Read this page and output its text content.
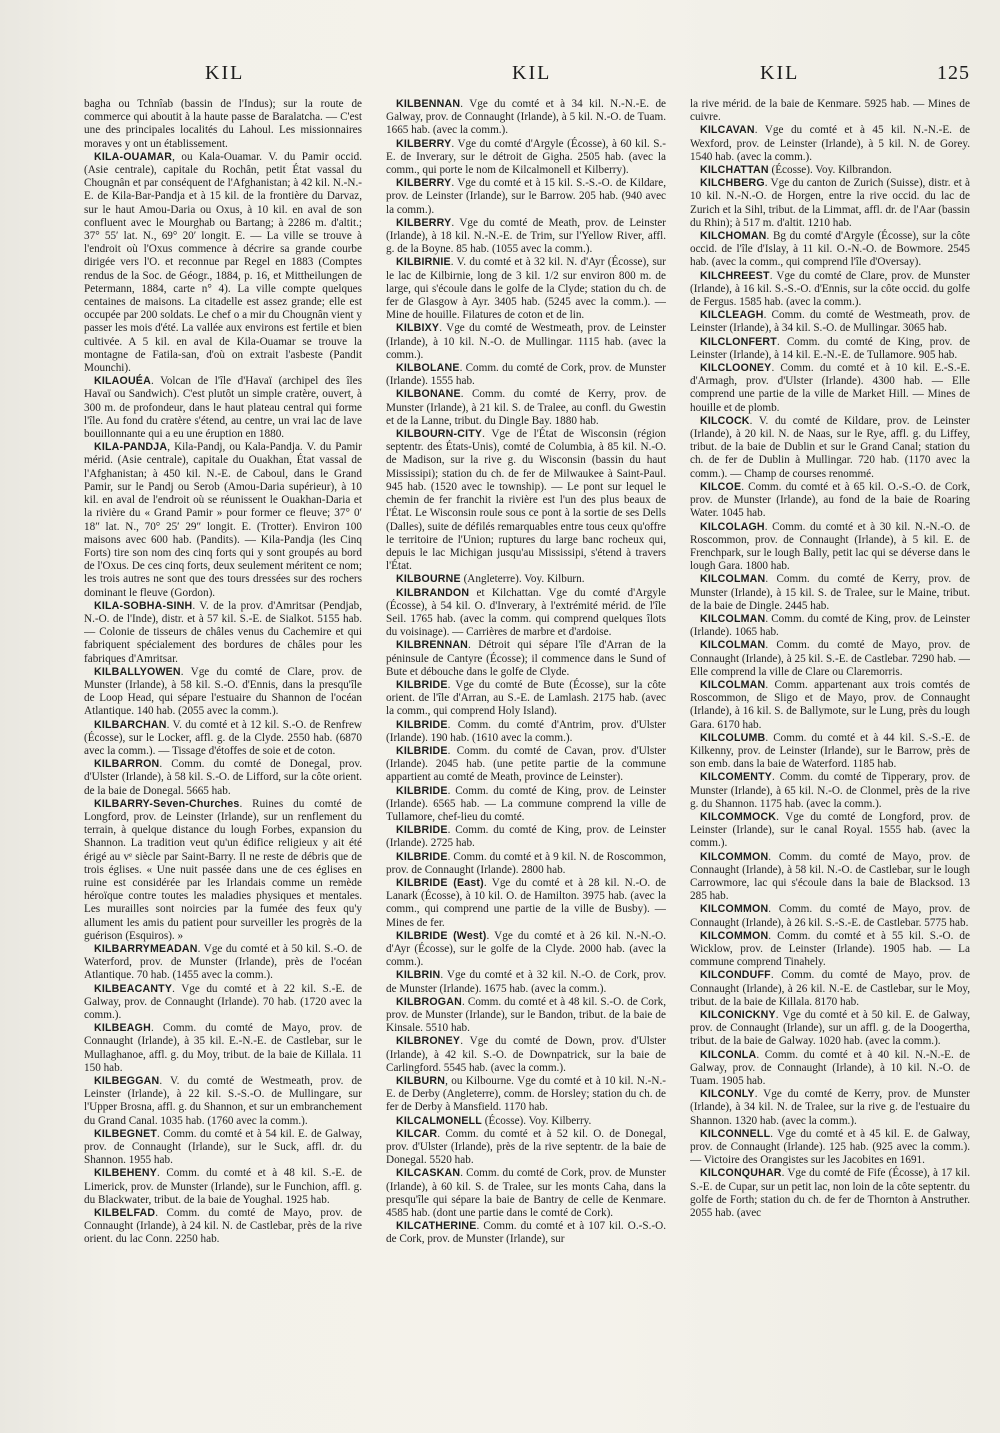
KIL	KIL	KIL	125

bagha ou Tchnîab (bassin de l'Indus); sur la route de commerce qui aboutit à la haute passe de Baralatcha. — C'est une des principales localités du Lahoul. Les missionnaires moraves y ont un établissement.

KILA-OUAMAR, ou Kala-Ouamar. V. du Pamir occid. (Asie centrale), capitale du Rochân, petit État vassal du Chougnân et par conséquent de l'Afghanistan; à 42 kil. N.-N.-E. de Kila-Bar-Pandja et à 15 kil. de la frontière du Darvaz, sur le haut Amou-Daria ou Oxus, à 10 kil. en aval de son confluent avec le Mourghab ou Bartang; à 2286 m. d'altit.; 37° 55′ lat. N., 69° 20′ longit. E. — La ville se trouve à l'endroit où l'Oxus commence à décrire sa grande courbe dirigée vers l'O. et reconnue par Regel en 1883 (Comptes rendus de la Soc. de Géogr., 1884, p. 16, et Mittheilungen de Petermann, 1884, carte n° 4). La ville compte quelques centaines de maisons. La citadelle est assez grande; elle est occupée par 200 soldats. Le chef o a mir du Chougnân vient y passer les mois d'été. La vallée aux environs est fertile et bien cultivée. A 5 kil. en aval de Kila-Ouamar se trouve la montagne de Fatila-san, d'où on extrait l'asbeste (Pandit Mounchi).

KILAOUÉA. Volcan de l'île d'Havaï (archipel des îles Havaï ou Sandwich). C'est plutôt un simple cratère, ouvert, à 300 m. de profondeur, dans le haut plateau central qui forme l'île. Au fond du cratère s'étend, au centre, un vrai lac de lave bouillonnante qui a eu une éruption en 1880.

KILA-PANDJA, Kila-Pandj, ou Kala-Pandja. V. du Pamir mérid. (Asie centrale), capitale du Ouakhan, État vassal de l'Afghanistan; à 450 kil. N.-E. de Caboul, dans le Grand Pamir, sur le Pandj ou Serob (Amou-Daria supérieur), à 10 kil. en aval de l'endroit où se réunissent le Ouakhan-Daria et la rivière du « Grand Pamir » pour former ce fleuve; 37° 0′ 18″ lat. N., 70° 25′ 29″ longit. E. (Trotter). Environ 100 maisons avec 600 hab. (Pandits). — Kila-Pandja (les Cinq Forts) tire son nom des cinq forts qui y sont groupés au bord de l'Oxus. De ces cinq forts, deux seulement méritent ce nom; les trois autres ne sont que des tours dressées sur des rochers dominant le fleuve (Gordon).

KILA-SOBHA-SINH. V. de la prov. d'Amritsar (Pendjab, N.-O. de l'Inde), distr. et à 57 kil. S.-E. de Sialkot. 5155 hab. — Colonie de tisseurs de châles venus du Cachemire et qui fabriquent spécialement des bordures de châles pour les fabriques d'Amritsar.

KILBALLYOWEN. Vge du comté de Clare, prov. de Munster (Irlande), à 58 kil. S.-O. d'Ennis, dans la presqu'île de Loop Head, qui sépare l'estuaire du Shannon de l'océan Atlantique. 140 hab. (2055 avec la comm.).

KILBARCHAN. V. du comté et à 12 kil. S.-O. de Renfrew (Écosse), sur le Locker, affl. g. de la Clyde. 2550 hab. (6870 avec la comm.). — Tissage d'étoffes de soie et de coton.

KILBARRON. Comm. du comté de Donegal, prov. d'Ulster (Irlande), à 58 kil. S.-O. de Lifford, sur la côte orient. de la baie de Donegal. 5665 hab.

KILBARRY-Seven-Churches. Ruines du comté de Longford, prov. de Leinster (Irlande), sur un renflement du terrain, à quelque distance du lough Forbes, expansion du Shannon. La tradition veut qu'un édifice religieux y ait été érigé au vᵉ siècle par Saint-Barry. Il ne reste de débris que de trois églises. « Une nuit passée dans une de ces églises en ruine est considérée par les Irlandais comme un remède héroïque contre toutes les maladies physiques et mentales. Les murailles sont noircies par la fumée des feux qu'y allument les amis du patient pour surveiller les progrès de la guérison (Esquiros). »

KILBARRYMEADAN. Vge du comté et à 50 kil. S.-O. de Waterford, prov. de Munster (Irlande), près de l'océan Atlantique. 70 hab. (1455 avec la comm.).

KILBEACANTY. Vge du comté et à 22 kil. S.-E. de Galway, prov. de Connaught (Irlande). 70 hab. (1720 avec la comm.).

KILBEAGH. Comm. du comté de Mayo, prov. de Connaught (Irlande), à 35 kil. E.-N.-E. de Castlebar, sur le Mullaghanoe, affl. g. du Moy, tribut. de la baie de Killala. 11 150 hab.

KILBEGGAN. V. du comté de Westmeath, prov. de Leinster (Irlande), à 22 kil. S.-S.-O. de Mullingare, sur l'Upper Brosna, affl. g. du Shannon, et sur un embranchement du Grand Canal. 1035 hab. (1760 avec la comm.).

KILBEGNET. Comm. du comté et à 54 kil. E. de Galway, prov. de Connaught (Irlande), sur le Suck, affl. dr. du Shannon. 1955 hab.

KILBEHENY. Comm. du comté et à 48 kil. S.-E. de Limerick, prov. de Munster (Irlande), sur le Funchion, affl. g. du Blackwater, tribut. de la baie de Youghal. 1925 hab.

KILBELFAD. Comm. du comté de Mayo, prov. de Connaught (Irlande), à 24 kil. N. de Castlebar, près de la rive orient. du lac Conn. 2250 hab.

KILBENNAN. Vge du comté et à 34 kil. N.-N.-E. de Galway, prov. de Connaught (Irlande), à 5 kil. N.-O. de Tuam. 1665 hab. (avec la comm.).

KILBERRY. Vge du comté d'Argyle (Écosse), à 60 kil. S.-E. de Inverary, sur le détroit de Gigha. 2505 hab. (avec la comm., qui porte le nom de Kilcalmonell et Kilberry).

KILBERRY. Vge du comté et à 15 kil. S.-S.-O. de Kildare, prov. de Leinster (Irlande), sur le Barrow. 205 hab. (940 avec la comm.).

KILBERRY. Vge du comté de Meath, prov. de Leinster (Irlande), à 18 kil. N.-N.-E. de Trim, sur l'Yellow River, affl. g. de la Boyne. 85 hab. (1055 avec la comm.).

KILBIRNIE. V. du comté et à 32 kil. N. d'Ayr (Écosse), sur le lac de Kilbirnie, long de 3 kil. 1/2 sur environ 800 m. de large, qui s'écoule dans le golfe de la Clyde; station du ch. de fer de Glasgow à Ayr. 3405 hab. (5245 avec la comm.). — Mine de houille. Filatures de coton et de lin.

KILBIXY. Vge du comté de Westmeath, prov. de Leinster (Irlande), à 10 kil. N.-O. de Mullingar. 1115 hab. (avec la comm.).

KILBOLANE. Comm. du comté de Cork, prov. de Munster (Irlande). 1555 hab.

KILBONANE. Comm. du comté de Kerry, prov. de Munster (Irlande), à 21 kil. S. de Tralee, au confl. du Gwestin et de la Lanne, tribut. du Dingle Bay. 1880 hab.

KILBOURN-CITY. Vge de l'État de Wisconsin (région septentr. des États-Unis), comté de Columbia, à 85 kil. N.-O. de Madison, sur la rive g. du Wisconsin (bassin du haut Mississipi); station du ch. de fer de Milwaukee à Saint-Paul. 945 hab. (1520 avec le township). — Le pont sur lequel le chemin de fer franchit la rivière est l'un des plus beaux de l'État. Le Wisconsin roule sous ce pont à la sortie de ses Dells (Dalles), suite de défilés remarquables entre tous ceux qu'offre le territoire de l'Union; ruptures du large banc rocheux qui, depuis le lac Michigan jusqu'au Mississipi, s'étend à travers l'État.

KILBOURNE (Angleterre). Voy. Kilburn.

KILBRANDON et Kilchattan. Vge du comté d'Argyle (Écosse), à 54 kil. O. d'Inverary, à l'extrémité mérid. de l'île Seil. 1765 hab. (avec la comm. qui comprend quelques îlots du voisinage). — Carrières de marbre et d'ardoise.

KILBRENNAN. Détroit qui sépare l'île d'Arran de la péninsule de Cantyre (Écosse); il commence dans le Sund of Bute et débouche dans le golfe de Clyde.

KILBRIDE. Vge du comté de Bute (Écosse), sur la côte orient. de l'île d'Arran, au S.-E. de Lamlash. 2175 hab. (avec la comm., qui comprend Holy Island).

KILBRIDE. Comm. du comté d'Antrim, prov. d'Ulster (Irlande). 190 hab. (1610 avec la comm.).

KILBRIDE. Comm. du comté de Cavan, prov. d'Ulster (Irlande). 2045 hab. (une petite partie de la commune appartient au comté de Meath, province de Leinster).

KILBRIDE. Comm. du comté de King, prov. de Leinster (Irlande). 6565 hab. — La commune comprend la ville de Tullamore, chef-lieu du comté.

KILBRIDE. Comm. du comté de King, prov. de Leinster (Irlande). 2725 hab.

KILBRIDE. Comm. du comté et à 9 kil. N. de Roscommon, prov. de Connaught (Irlande). 2800 hab.

KILBRIDE (East). Vge du comté et à 28 kil. N.-O. de Lanark (Écosse), à 10 kil. O. de Hamilton. 3975 hab. (avec la comm., qui comprend une partie de la ville de Busby). — Mines de fer.

KILBRIDE (West). Vge du comté et à 26 kil. N.-N.-O. d'Ayr (Écosse), sur le golfe de la Clyde. 2000 hab. (avec la comm.).

KILBRIN. Vge du comté et à 32 kil. N.-O. de Cork, prov. de Munster (Irlande). 1675 hab. (avec la comm.).

KILBROGAN. Comm. du comté et à 48 kil. S.-O. de Cork, prov. de Munster (Irlande), sur le Bandon, tribut. de la baie de Kinsale. 5510 hab.

KILBRONEY. Vge du comté de Down, prov. d'Ulster (Irlande), à 42 kil. S.-O. de Downpatrick, sur la baie de Carlingford. 5545 hab. (avec la comm.).

KILBURN, ou Kilbourne. Vge du comté et à 10 kil. N.-N.-E. de Derby (Angleterre), comm. de Horsley; station du ch. de fer de Derby à Mansfield. 1170 hab.

KILCALMONELL (Écosse). Voy. Kilberry.

KILCAR. Comm. du comté et à 52 kil. O. de Donegal, prov. d'Ulster (Irlande), près de la rive septentr. de la baie de Donegal. 5520 hab.

KILCASKAN. Comm. du comté de Cork, prov. de Munster (Irlande), à 60 kil. S. de Tralee, sur les monts Caha, dans la presqu'île qui sépare la baie de Bantry de celle de Kenmare. 4585 hab. (dont une partie dans le comté de Cork).

KILCATHERINE. Comm. du comté et à 107 kil. O.-S.-O. de Cork, prov. de Munster (Irlande), sur

la rive mérid. de la baie de Kenmare. 5925 hab. — Mines de cuivre.

KILCAVAN. Vge du comté et à 45 kil. N.-N.-E. de Wexford, prov. de Leinster (Irlande), à 5 kil. N. de Gorey. 1540 hab. (avec la comm.).

KILCHATTAN (Écosse). Voy. Kilbrandon.

KILCHBERG. Vge du canton de Zurich (Suisse), distr. et à 10 kil. N.-N.-O. de Horgen, entre la rive occid. du lac de Zurich et la Sihl, tribut. de la Limmat, affl. dr. de l'Aar (bassin du Rhin); à 517 m. d'altit. 1210 hab.

KILCHOMAN. Bg du comté d'Argyle (Écosse), sur la côte occid. de l'île d'Islay, à 11 kil. O.-N.-O. de Bowmore. 2545 hab. (avec la comm., qui comprend l'île d'Oversay).

KILCHREEST. Vge du comté de Clare, prov. de Munster (Irlande), à 16 kil. S.-S.-O. d'Ennis, sur la côte occid. du golfe de Fergus. 1585 hab. (avec la comm.).

KILCLEAGH. Comm. du comté de Westmeath, prov. de Leinster (Irlande), à 34 kil. S.-O. de Mullingar. 3065 hab.

KILCLONFERT. Comm. du comté de King, prov. de Leinster (Irlande), à 14 kil. E.-N.-E. de Tullamore. 905 hab.

KILCLOONEY. Comm. du comté et à 10 kil. E.-S.-E. d'Armagh, prov. d'Ulster (Irlande). 4300 hab. — Elle comprend une partie de la ville de Market Hill. — Mines de houille et de plomb.

KILCOCK. V. du comté de Kildare, prov. de Leinster (Irlande), à 20 kil. N. de Naas, sur le Rye, affl. g. du Liffey, tribut. de la baie de Dublin et sur le Grand Canal; station du ch. de fer de Dublin à Mullingar. 720 hab. (1170 avec la comm.). — Champ de courses renommé.

KILCOE. Comm. du comté et à 65 kil. O.-S.-O. de Cork, prov. de Munster (Irlande), au fond de la baie de Roaring Water. 1045 hab.

KILCOLAGH. Comm. du comté et à 30 kil. N.-N.-O. de Roscommon, prov. de Connaught (Irlande), à 5 kil. E. de Frenchpark, sur le lough Bally, petit lac qui se déverse dans le lough Gara. 1800 hab.

KILCOLMAN. Comm. du comté de Kerry, prov. de Munster (Irlande), à 15 kil. S. de Tralee, sur le Maine, tribut. de la baie de Dingle. 2445 hab.

KILCOLMAN. Comm. du comté de King, prov. de Leinster (Irlande). 1065 hab.

KILCOLMAN. Comm. du comté de Mayo, prov. de Connaught (Irlande), à 25 kil. S.-E. de Castlebar. 7290 hab. — Elle comprend la ville de Clare ou Claremorris.

KILCOLMAN. Comm. appartenant aux trois comtés de Roscommon, de Sligo et de Mayo, prov. de Connaught (Irlande), à 16 kil. S. de Ballymote, sur le Lung, près du lough Gara. 6170 hab.

KILCOLUMB. Comm. du comté et à 44 kil. S.-S.-E. de Kilkenny, prov. de Leinster (Irlande), sur le Barrow, près de son emb. dans la baie de Waterford. 1185 hab.

KILCOMENTY. Comm. du comté de Tipperary, prov. de Munster (Irlande), à 65 kil. N.-O. de Clonmel, près de la rive g. du Shannon. 1175 hab. (avec la comm.).

KILCOMMOCK. Vge du comté de Longford, prov. de Leinster (Irlande), sur le canal Royal. 1555 hab. (avec la comm.).

KILCOMMON. Comm. du comté de Mayo, prov. de Connaught (Irlande), à 58 kil. N.-O. de Castlebar, sur le lough Carrowmore, lac qui s'écoule dans la baie de Blacksod. 13 285 hab.

KILCOMMON. Comm. du comté de Mayo, prov. de Connaught (Irlande), à 26 kil. S.-S.-E. de Castlebar. 5775 hab.

KILCOMMON. Comm. du comté et à 55 kil. S.-O. de Wicklow, prov. de Leinster (Irlande). 1905 hab. — La commune comprend Tinahely.

KILCONDUFF. Comm. du comté de Mayo, prov. de Connaught (Irlande), à 26 kil. N.-E. de Castlebar, sur le Moy, tribut. de la baie de Killala. 8170 hab.

KILCONICKNY. Vge du comté et à 50 kil. E. de Galway, prov. de Connaught (Irlande), sur un affl. g. de la Doogertha, tribut. de la baie de Galway. 1020 hab. (avec la comm.).

KILCONLA. Comm. du comté et à 40 kil. N.-N.-E. de Galway, prov. de Connaught (Irlande), à 10 kil. N.-O. de Tuam. 1905 hab.

KILCONLY. Vge du comté de Kerry, prov. de Munster (Irlande), à 34 kil. N. de Tralee, sur la rive g. de l'estuaire du Shannon. 1320 hab. (avec la comm.).

KILCONNELL. Vge du comté et à 45 kil. E. de Galway, prov. de Connaught (Irlande). 125 hab. (925 avec la comm.). — Victoire des Orangistes sur les Jacobites en 1691.

KILCONQUHAR. Vge du comté de Fife (Écosse), à 17 kil. S.-E. de Cupar, sur un petit lac, non loin de la côte septentr. du golfe de Forth; station du ch. de fer de Thornton à Anstruther. 2055 hab. (avec
